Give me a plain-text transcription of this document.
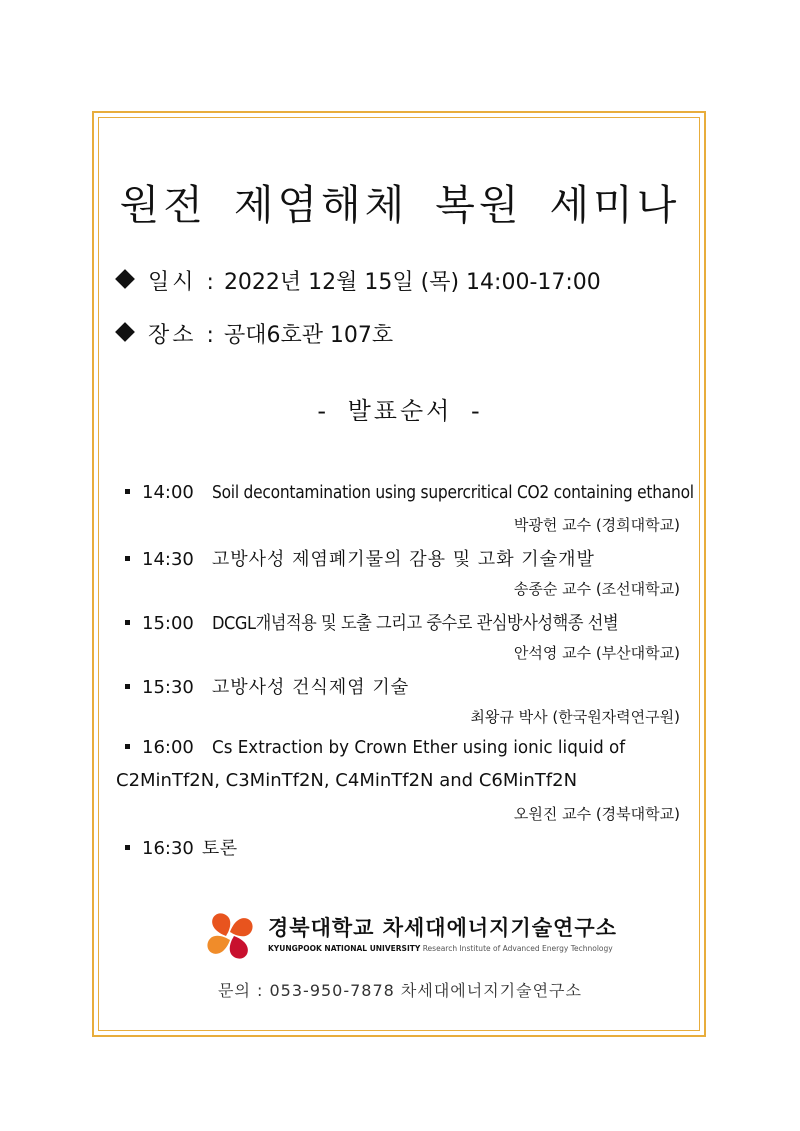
원전 제염해체 복원 세미나
일시 : 2022년 12월 15일 (목) 14:00-17:00
장소 : 공대6호관 107호
- 발표순서 -
14:00 Soil decontamination using supercritical CO2 containing ethanol
박광헌 교수 (경희대학교)
14:30 고방사성 제염폐기물의 감용 및 고화 기술개발
송종순 교수 (조선대학교)
15:00 DCGL개념적용 및 도출 그리고 중수로 관심방사성핵종 선별
안석영 교수 (부산대학교)
15:30 고방사성 건식제염 기술
최왕규 박사 (한국원자력연구원)
16:00 Cs Extraction by Crown Ether using ionic liquid of
C2MinTf2N, C3MinTf2N, C4MinTf2N and C6MinTf2N
오원진 교수 (경북대학교)
16:30 토론
경북대학교 차세대에너지기술연구소
KYUNGPOOK NATIONAL UNIVERSITY Research Institute of Advanced Energy Technology
문의 : 053-950-7878 차세대에너지기술연구소
